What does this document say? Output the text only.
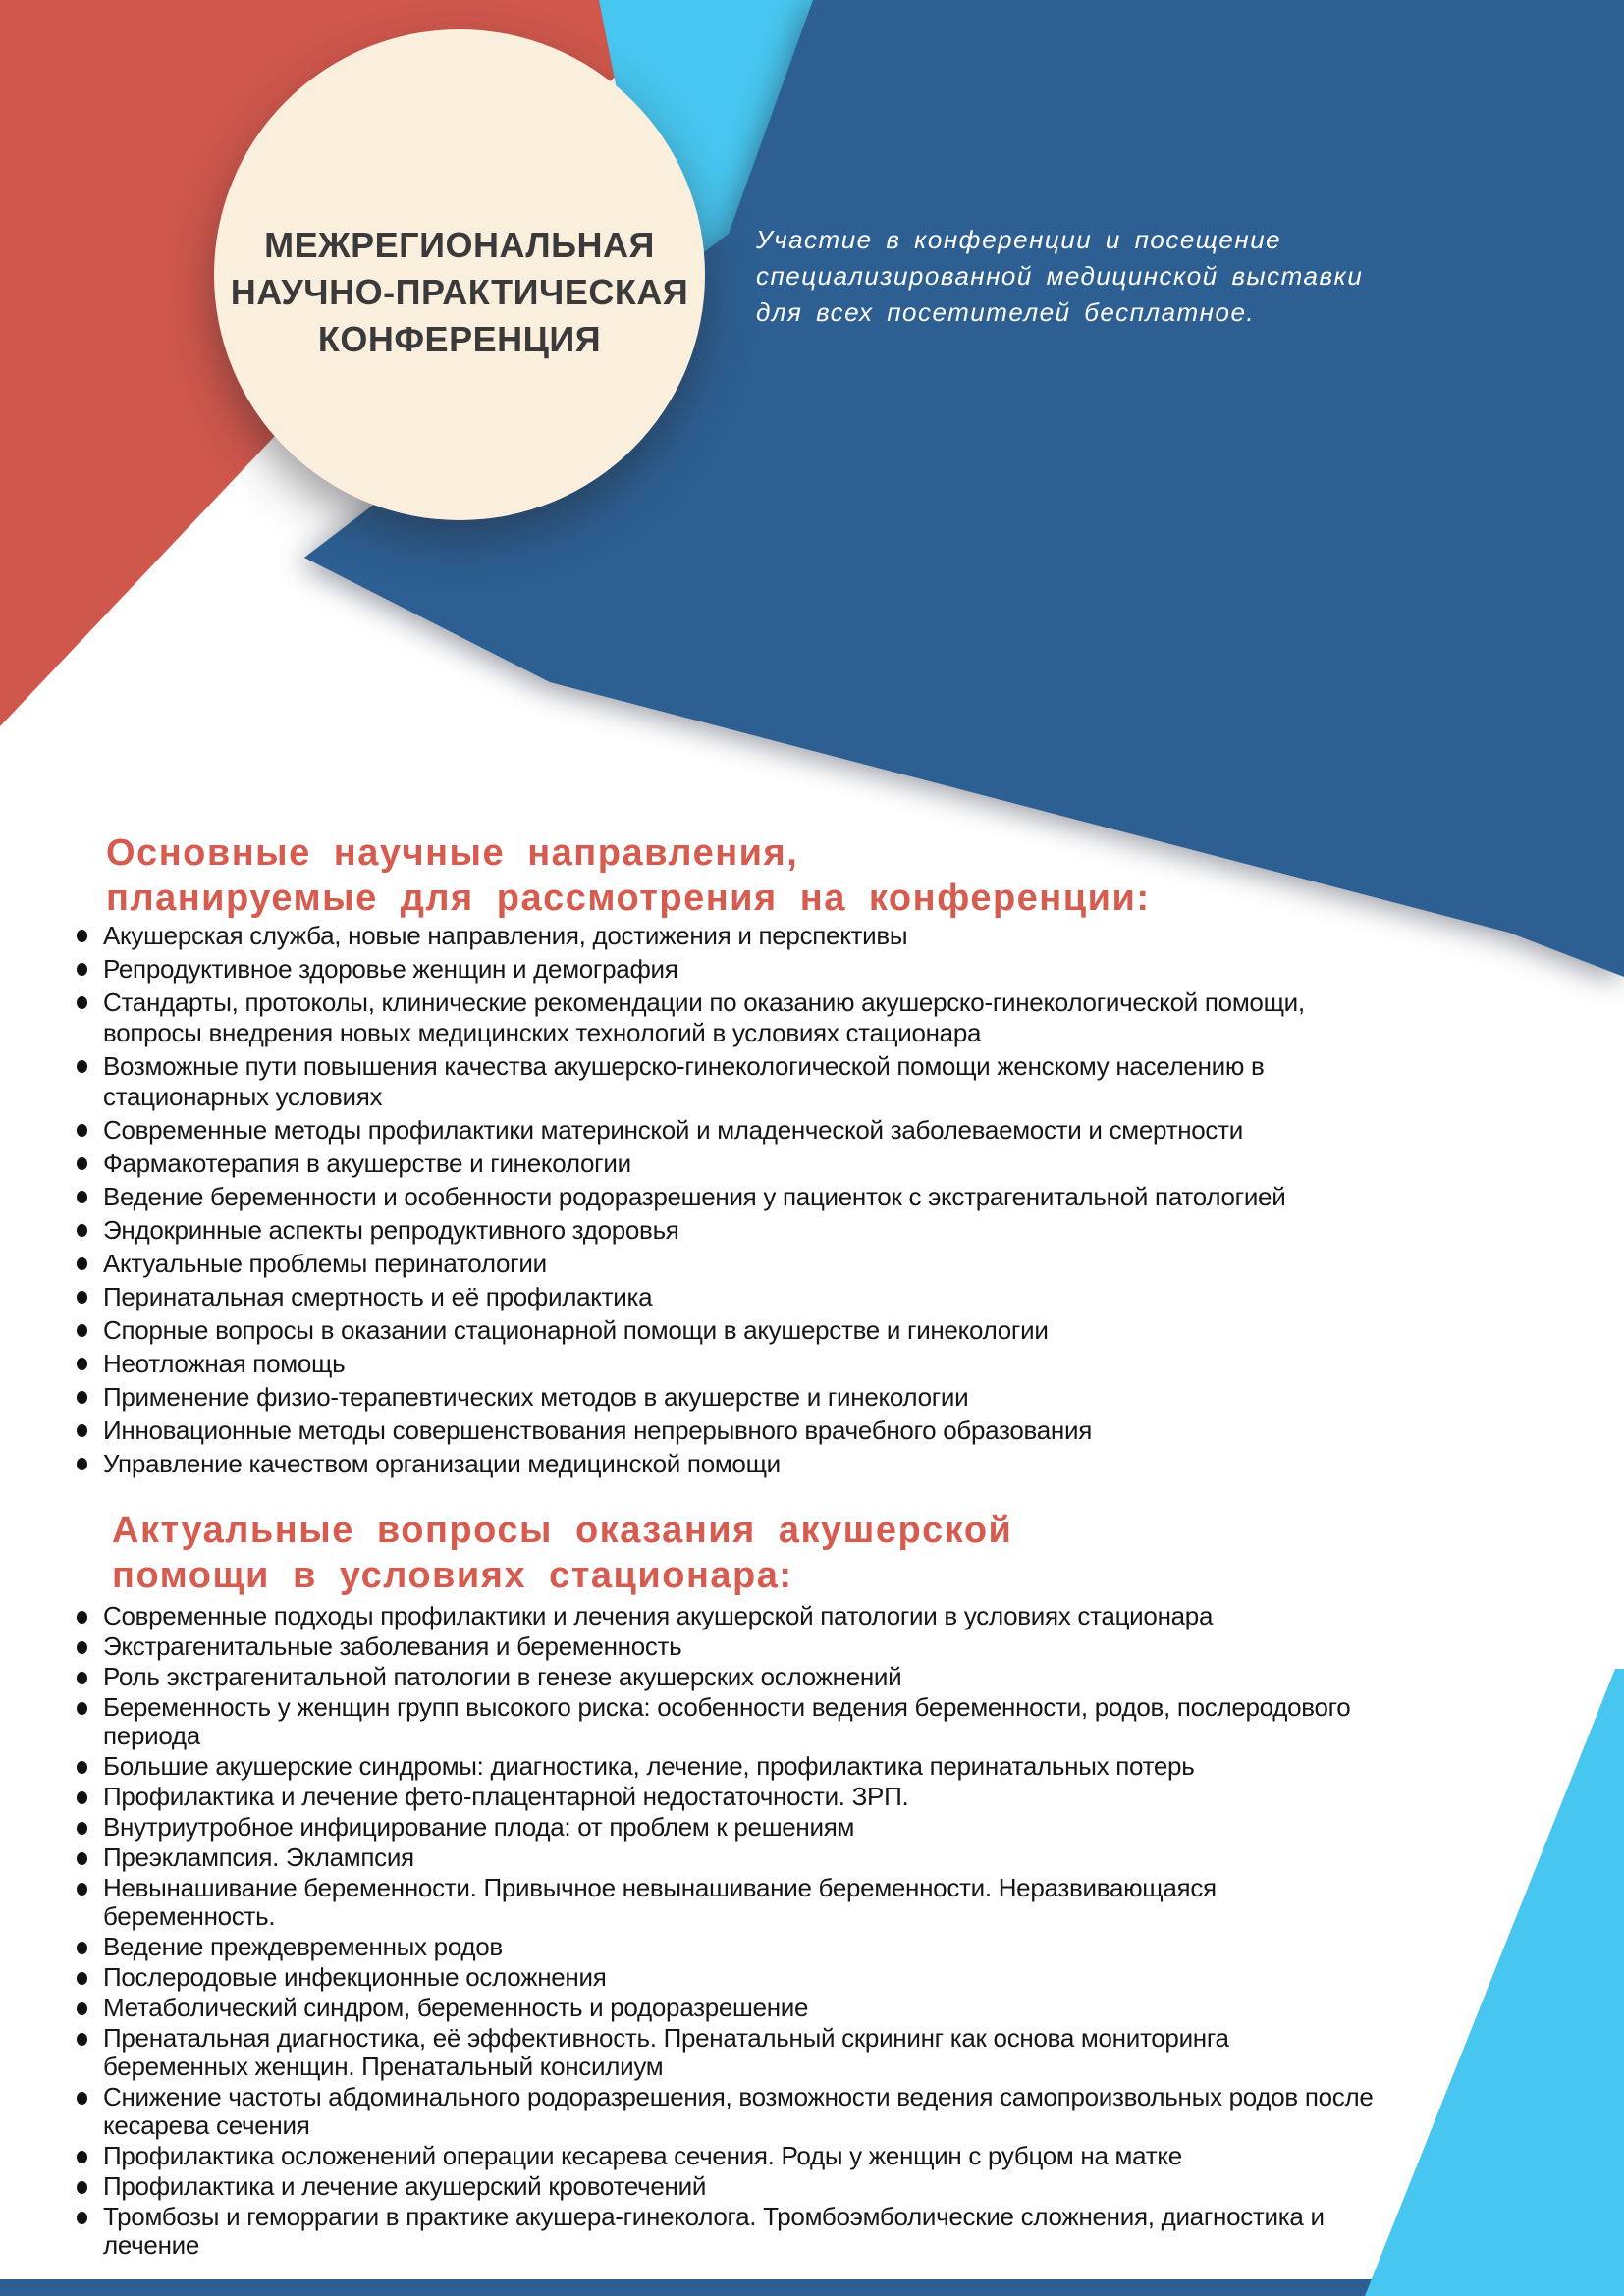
МЕЖРЕГИОНАЛЬНАЯ
НАУЧНО-ПРАКТИЧЕСКАЯ
КОНФЕРЕНЦИЯ
Участие в конференции и посещение
специализированной медицинской выставки
для всех посетителей бесплатное.
Основные научные направления,
планируемые для рассмотрения на конференции:
Акушерская служба, новые направления, достижения и перспективы
Репродуктивное здоровье женщин и демография
Стандарты, протоколы, клинические рекомендации по оказанию акушерско-гинекологической помощи, вопросы внедрения новых медицинских технологий в условиях стационара
Возможные пути повышения качества акушерско-гинекологической помощи женскому населению в стационарных условиях
Современные методы профилактики материнской и младенческой заболеваемости и смертности
Фармакотерапия в акушерстве и гинекологии
Ведение беременности и особенности родоразрешения у пациенток с экстрагенитальной патологией
Эндокринные аспекты репродуктивного здоровья
Актуальные проблемы перинатологии
Перинатальная смертность и её профилактика
Спорные вопросы в оказании стационарной помощи в акушерстве и гинекологии
Неотложная помощь
Применение физио-терапевтических методов в акушерстве и гинекологии
Инновационные методы совершенствования непрерывного врачебного образования
Управление качеством организации медицинской помощи
Актуальные вопросы оказания акушерской
помощи в условиях стационара:
Современные подходы профилактики и лечения акушерской патологии в условиях стационара
Экстрагенитальные заболевания и беременность
Роль экстрагенитальной патологии в генезе акушерских осложнений
Беременность у женщин групп высокого риска: особенности ведения беременности, родов, послеродового периода
Большие акушерские синдромы: диагностика, лечение, профилактика перинатальных потерь
Профилактика и лечение фето-плацентарной недостаточности. ЗРП.
Внутриутробное инфицирование плода: от проблем к решениям
Преэклампсия. Эклампсия
Невынашивание беременности. Привычное невынашивание беременности. Неразвивающаяся беременность.
Ведение преждевременных родов
Послеродовые инфекционные осложнения
Метаболический синдром, беременность и родоразрешение
Пренатальная диагностика, её эффективность. Пренатальный скрининг как основа мониторинга беременных женщин. Пренатальный консилиум
Снижение частоты абдоминального родоразрешения, возможности ведения самопроизвольных родов после кесарева сечения
Профилактика осложенений операции кесарева сечения. Роды у женщин с рубцом на матке
Профилактика и лечение акушерский кровотечений
Тромбозы и геморрагии в практике акушера-гинеколога. Тромбоэмболические сложнения, диагностика и лечение
